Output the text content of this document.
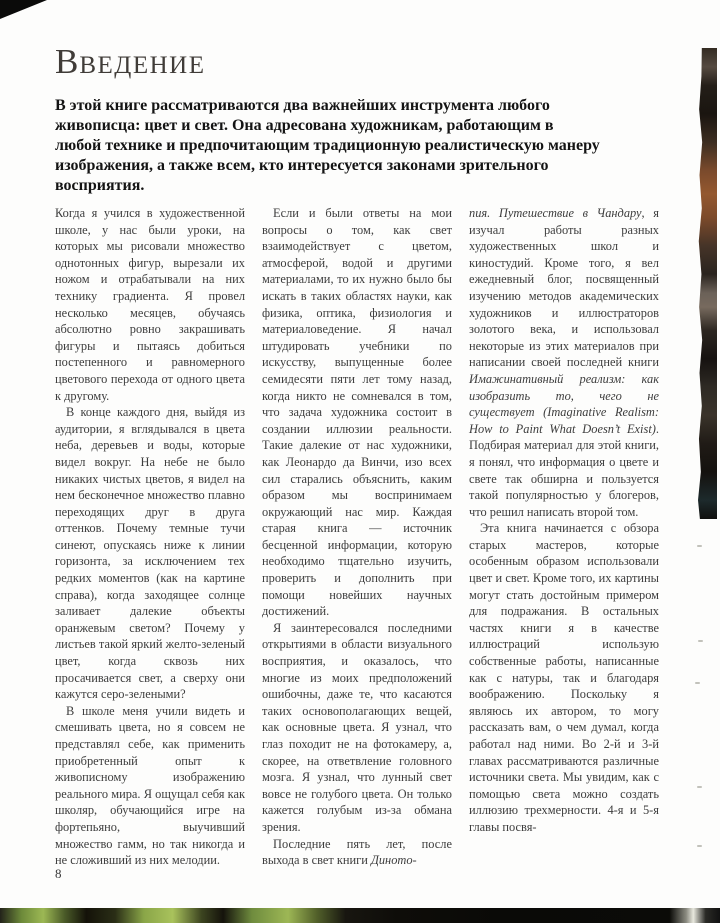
ВВЕДЕНИЕ

В этой книге рассматриваются два важнейших инструмента любого живописца: цвет и свет. Она адресована художникам, работающим в любой технике и предпочитающим традиционную реалистическую манеру изображения, а также всем, кто интересуется законами зрительного восприятия.

Когда я учился в художественной школе, у нас были уроки, на которых мы рисовали множество однотонных фигур, вырезали их ножом и отрабатывали на них технику градиента. Я провел несколько месяцев, обучаясь абсолютно ровно закрашивать фигуры и пытаясь добиться постепенного и равномерного цветового перехода от одного цвета к другому.

В конце каждого дня, выйдя из аудитории, я вглядывался в цвета неба, деревьев и воды, которые видел вокруг. На небе не было никаких чистых цветов, я видел на нем бесконечное множество плавно переходящих друг в друга оттенков. Почему темные тучи синеют, опускаясь ниже к линии горизонта, за исключением тех редких моментов (как на картине справа), когда заходящее солнце заливает далекие объекты оранжевым светом? Почему у листьев такой яркий желто-зеленый цвет, когда сквозь них просачивается свет, а сверху они кажутся серо-зелеными?

В школе меня учили видеть и смешивать цвета, но я совсем не представлял себе, как применить приобретенный опыт к живописному изображению реального мира. Я ощущал себя как школяр, обучающийся игре на фортепьяно, выучивший множество гамм, но так никогда и не сложивший из них мелодии.

Если и были ответы на мои вопросы о том, как свет взаимодействует с цветом, атмосферой, водой и другими материалами, то их нужно было бы искать в таких областях науки, как физика, оптика, физиология и материаловедение. Я начал штудировать учебники по искусству, выпущенные более семидесяти пяти лет тому назад, когда никто не сомневался в том, что задача художника состоит в создании иллюзии реальности. Такие далекие от нас художники, как Леонардо да Винчи, изо всех сил старались объяснить, каким образом мы воспринимаем окружающий нас мир. Каждая старая книга — источник бесценной информации, которую необходимо тщательно изучить, проверить и дополнить при помощи новейших научных достижений.

Я заинтересовался последними открытиями в области визуального восприятия, и оказалось, что многие из моих предположений ошибочны, даже те, что касаются таких основополагающих вещей, как основные цвета. Я узнал, что глаз походит не на фотокамеру, а, скорее, на ответвление головного мозга. Я узнал, что лунный свет вовсе не голубого цвета. Он только кажется голубым из-за обмана зрения.

Последние пять лет, после выхода в свет книги Диното-

пия. Путешествие в Чандару, я изучал работы разных художественных школ и киностудий. Кроме того, я вел ежедневный блог, посвященный изучению методов академических художников и иллюстраторов золотого века, и использовал некоторые из этих материалов при написании своей последней книги Имажинативный реализм: как изобразить то, чего не существует (Imaginative Realism: How to Paint What Doesn’t Exist). Подбирая материал для этой книги, я понял, что информация о цвете и свете так обширна и пользуется такой популярностью у блогеров, что решил написать второй том.

Эта книга начинается с обзора старых мастеров, которые особенным образом использовали цвет и свет. Кроме того, их картины могут стать достойным примером для подражания. В остальных частях книги я в качестве иллюстраций использую собственные работы, написанные как с натуры, так и благодаря воображению. Поскольку я являюсь их автором, то могу рассказать вам, о чем думал, когда работал над ними. Во 2-й и 3-й главах рассматриваются различные источники света. Мы увидим, как с помощью света можно создать иллюзию трехмерности. 4-я и 5-я главы посвя-

8
